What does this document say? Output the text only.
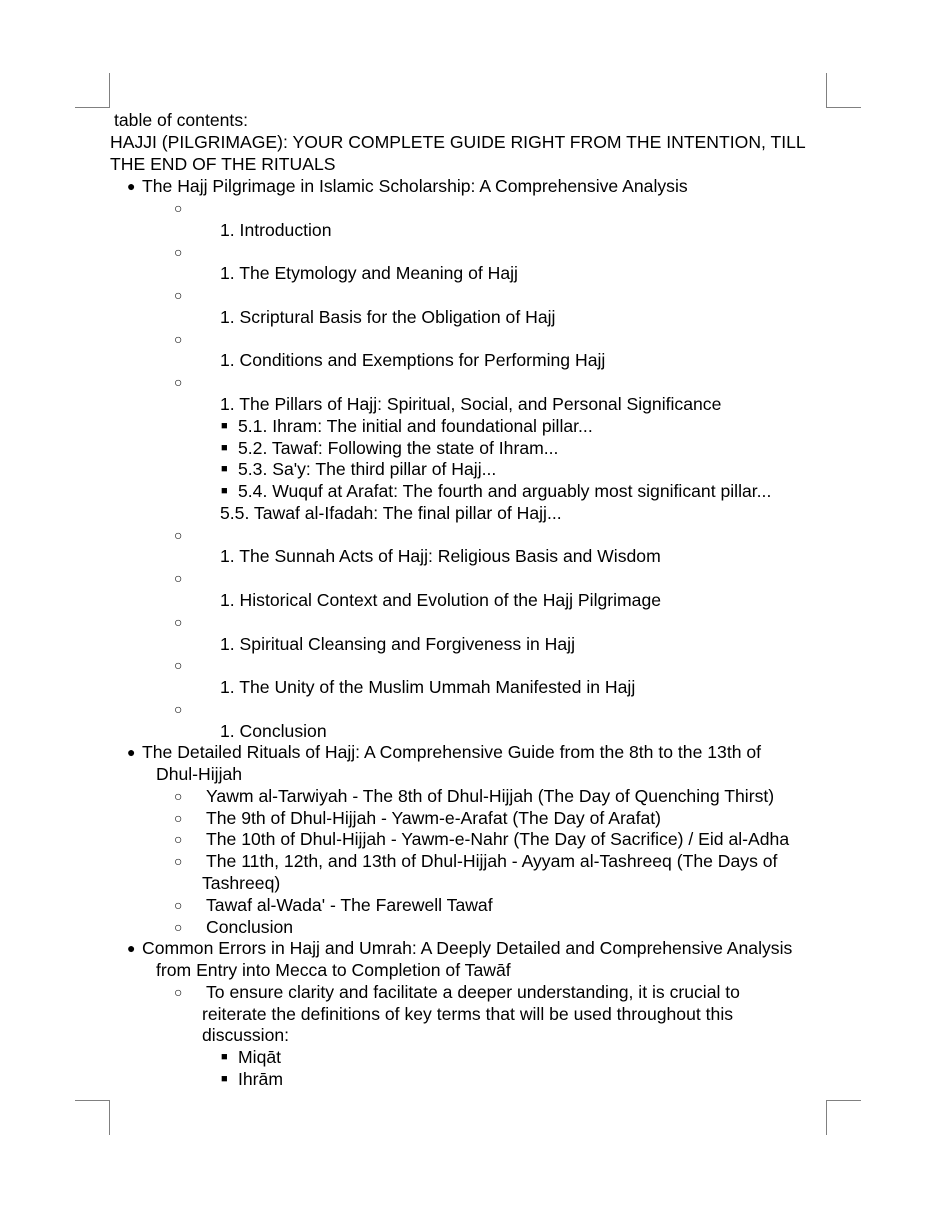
table of contents:
HAJJI (PILGRIMAGE): YOUR COMPLETE GUIDE RIGHT FROM THE INTENTION, TILL
THE END OF THE RITUALS
● The Hajj Pilgrimage in Islamic Scholarship: A Comprehensive Analysis
○
1. Introduction
○
1. The Etymology and Meaning of Hajj
○
1. Scriptural Basis for the Obligation of Hajj
○
1. Conditions and Exemptions for Performing Hajj
○
1. The Pillars of Hajj: Spiritual, Social, and Personal Significance
■ 5.1. Ihram: The initial and foundational pillar...
■ 5.2. Tawaf: Following the state of Ihram...
■ 5.3. Sa'y: The third pillar of Hajj...
■ 5.4. Wuquf at Arafat: The fourth and arguably most significant pillar...
5.5. Tawaf al-Ifadah: The final pillar of Hajj...
○
1. The Sunnah Acts of Hajj: Religious Basis and Wisdom
○
1. Historical Context and Evolution of the Hajj Pilgrimage
○
1. Spiritual Cleansing and Forgiveness in Hajj
○
1. The Unity of the Muslim Ummah Manifested in Hajj
○
1. Conclusion
● The Detailed Rituals of Hajj: A Comprehensive Guide from the 8th to the 13th of
Dhul-Hijjah
○ Yawm al-Tarwiyah - The 8th of Dhul-Hijjah (The Day of Quenching Thirst)
○ The 9th of Dhul-Hijjah - Yawm-e-Arafat (The Day of Arafat)
○ The 10th of Dhul-Hijjah - Yawm-e-Nahr (The Day of Sacrifice) / Eid al-Adha
○ The 11th, 12th, and 13th of Dhul-Hijjah - Ayyam al-Tashreeq (The Days of
Tashreeq)
○ Tawaf al-Wada' - The Farewell Tawaf
○ Conclusion
● Common Errors in Hajj and Umrah: A Deeply Detailed and Comprehensive Analysis
from Entry into Mecca to Completion of Tawāf
○ To ensure clarity and facilitate a deeper understanding, it is crucial to
reiterate the definitions of key terms that will be used throughout this
discussion:
■ Miqāt
■ Ihrām
